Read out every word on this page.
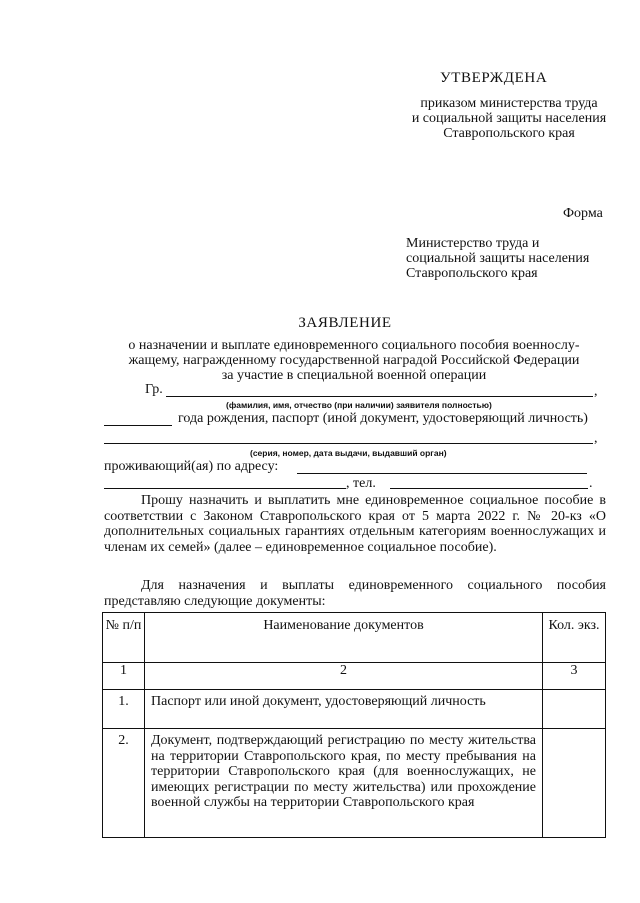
УТВЕРЖДЕНА
приказом министерства труда
и социальной защиты населения
Ставропольского края
Форма
Министерство труда и
социальной защиты населения
Ставропольского края
ЗАЯВЛЕНИЕ
о назначении и выплате единовременного социального пособия военнослу-
жащему, награжденному государственной наградой Российской Федерации
за участие в специальной военной операции
Гр.	,
(фамилия, имя, отчество (при наличии) заявителя полностью)
года рождения, паспорт (иной документ, удостоверяющий личность)
,
(серия, номер, дата выдачи, выдавший орган)
проживающий(ая) по адресу:
, тел.	.
Прошу назначить и выплатить мне единовременное социальное пособие в соответствии с Законом Ставропольского края от 5 марта 2022 г. № 20-кз «О дополнительных социальных гарантиях отдельным категориям военнослужащих и членам их семей» (далее – единовременное социальное пособие).
Для назначения и выплаты единовременного социального пособия представляю следующие документы:
№ п/п	Наименование документов	Кол. экз.
1	2	3
1.	Паспорт или иной документ, удостоверяющий личность	
2.	Документ, подтверждающий регистрацию по месту жительства на территории Ставропольского края, по месту пребывания на территории Ставропольского края (для военнослужащих, не имеющих регистрации по месту жительства) или прохождение военной службы на территории Ставропольского края	
